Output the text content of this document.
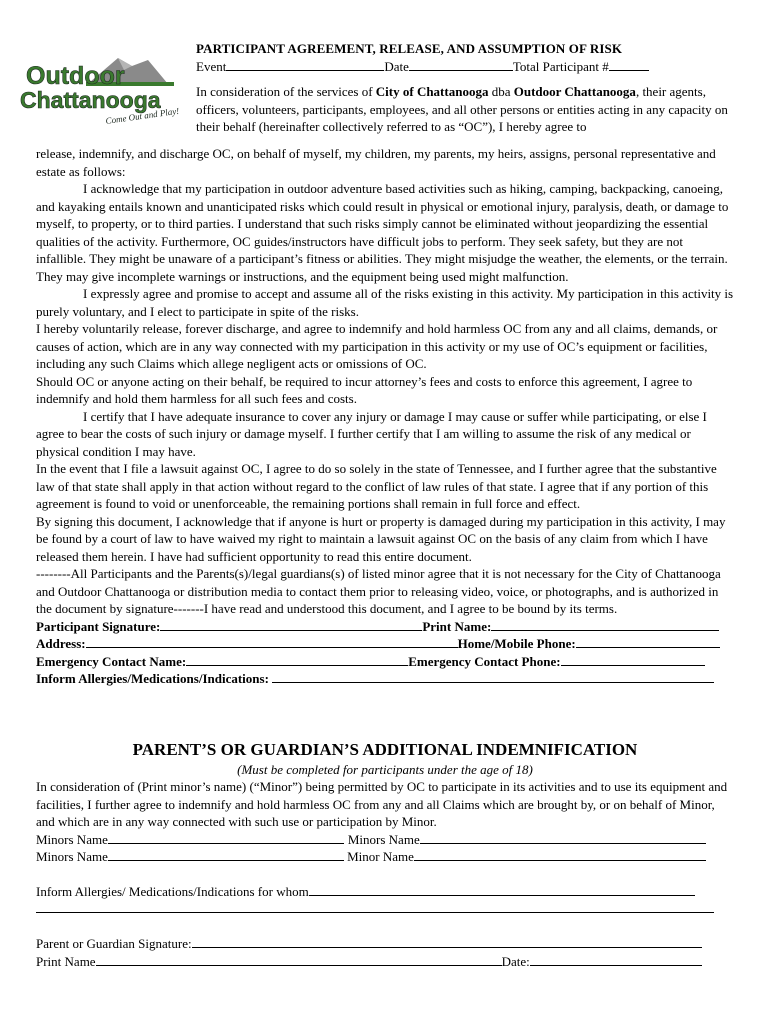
Outdoor
Chattanooga
Come Out and Play!
PARTICIPANT AGREEMENT, RELEASE, AND ASSUMPTION OF RISK
Event	Date	Total Participant #
In consideration of the services of City of Chattanooga dba Outdoor Chattanooga, their agents, officers, volunteers, participants, employees, and all other persons or entities acting in any capacity on their behalf (hereinafter collectively referred to as “OC”), I hereby agree to

release, indemnify, and discharge OC, on behalf of myself, my children, my parents, my heirs, assigns, personal representative and estate as follows:

I acknowledge that my participation in outdoor adventure based activities such as hiking, camping, backpacking, canoeing, and kayaking entails known and unanticipated risks which could result in physical or emotional injury, paralysis, death, or damage to myself, to property, or to third parties. I understand that such risks simply cannot be eliminated without jeopardizing the essential qualities of the activity. Furthermore, OC guides/instructors have difficult jobs to perform. They seek safety, but they are not infallible. They might be unaware of a participant’s fitness or abilities. They might misjudge the weather, the elements, or the terrain. They may give incomplete warnings or instructions, and the equipment being used might malfunction.

I expressly agree and promise to accept and assume all of the risks existing in this activity. My participation in this activity is purely voluntary, and I elect to participate in spite of the risks.

I hereby voluntarily release, forever discharge, and agree to indemnify and hold harmless OC from any and all claims, demands, or causes of action, which are in any way connected with my participation in this activity or my use of OC’s equipment or facilities, including any such Claims which allege negligent acts or omissions of OC.

Should OC or anyone acting on their behalf, be required to incur attorney’s fees and costs to enforce this agreement, I agree to indemnify and hold them harmless for all such fees and costs.

I certify that I have adequate insurance to cover any injury or damage I may cause or suffer while participating, or else I agree to bear the costs of such injury or damage myself. I further certify that I am willing to assume the risk of any medical or physical condition I may have.

In the event that I file a lawsuit against OC, I agree to do so solely in the state of Tennessee, and I further agree that the substantive law of that state shall apply in that action without regard to the conflict of law rules of that state. I agree that if any portion of this agreement is found to void or unenforceable, the remaining portions shall remain in full force and effect.

By signing this document, I acknowledge that if anyone is hurt or property is damaged during my participation in this activity, I may be found by a court of law to have waived my right to maintain a lawsuit against OC on the basis of any claim from which I have released them herein. I have had sufficient opportunity to read this entire document.

--------All Participants and the Parents(s)/legal guardians(s) of listed minor agree that it is not necessary for the City of Chattanooga and Outdoor Chattanooga or distribution media to contact them prior to releasing video, voice, or photographs, and is authorized in the document by signature-------I have read and understood this document, and I agree to be bound by its terms.

Participant Signature:	Print Name:
Address:	Home/Mobile Phone:
Emergency Contact Name:	Emergency Contact Phone:
Inform Allergies/Medications/Indications:
PARENT’S OR GUARDIAN’S ADDITIONAL INDEMNIFICATION
(Must be completed for participants under the age of 18)

In consideration of (Print minor’s name) (“Minor”) being permitted by OC to participate in its activities and to use its equipment and facilities, I further agree to indemnify and hold harmless OC from any and all Claims which are brought by, or on behalf of Minor, and which are in any way connected with such use or participation by Minor.

Minors Name	Minors Name
Minors Name	Minor Name
Inform Allergies/ Medications/Indications for whom
Parent or Guardian Signature:
Print Name	Date:
